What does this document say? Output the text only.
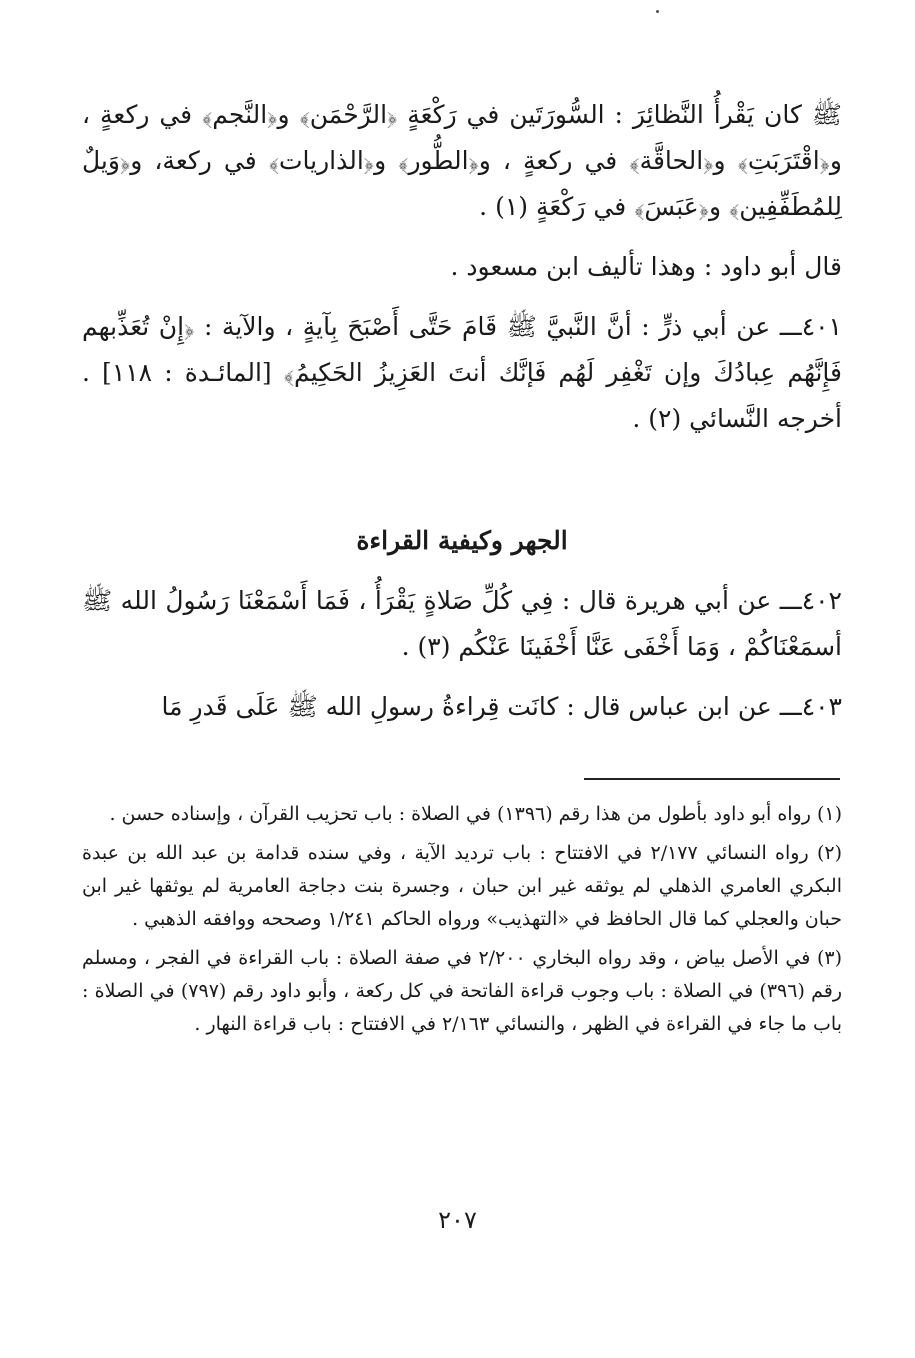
ﷺ كان يَقْرأُ النَّظائِرَ : السُّورَتَين في رَكْعَةٍ ﴿الرَّحْمَن﴾ و﴿النَّجم﴾ في ركعةٍ ، و﴿اقْتَرَبَتِ﴾ و﴿الحاقَّة﴾ في ركعةٍ ، و﴿الطُّور﴾ و﴿الذاريات﴾ في ركعة، و﴿وَيلٌ لِلمُطَفِّفِين﴾ و﴿عَبَسَ﴾ في رَكْعَةٍ (١) .

قال أبو داود : وهذا تأليف ابن مسعود .

٤٠١ـــ عن أبي ذرٍّ : أنَّ النَّبيَّ ﷺ قَامَ حَتَّى أَصْبَحَ بِآيةٍ ، والآية : ﴿إِنْ تُعَذِّبهم فَإِنَّهُم عِبادُكَ وإن تَغْفِر لَهُم فَإنَّك أنتَ العَزِيزُ الحَكِيمُ﴾ [المائـدة : ١١٨] . أخرجه النَّسائي (٢) .

الجهر وكيفية القراءة

٤٠٢ـــ عن أبي هريرة قال : فِي كُلِّ صَلاةٍ يَقْرَأُ ، فَمَا أَسْمَعْنَا رَسُولُ الله ﷺ أسمَعْنَاكُمْ ، وَمَا أَخْفَى عَنَّا أَخْفَينَا عَنْكُم (٣) .

٤٠٣ـــ عن ابن عباس قال : كانَت قِراءةُ رسولِ الله ﷺ عَلَى قَدرِ مَا

(١) رواه أبو داود بأطول من هذا رقم (١٣٩٦) في الصلاة : باب تحزيب القرآن ، وإسناده حسن .

(٢) رواه النسائي ٢/١٧٧ في الافتتاح : باب ترديد الآية ، وفي سنده قدامة بن عبد الله بن عبدة البكري العامري الذهلي لم يوثقه غير ابن حبان ، وجسرة بنت دجاجة العامرية لم يوثقها غير ابن حبان والعجلي كما قال الحافظ في «التهذيب» ورواه الحاكم ١/٢٤١ وصححه ووافقه الذهبي .

(٣) في الأصل بياض ، وقد رواه البخاري ٢/٢٠٠ في صفة الصلاة : باب القراءة في الفجر ، ومسلم رقم (٣٩٦) في الصلاة : باب وجوب قراءة الفاتحة في كل ركعة ، وأبو داود رقم (٧٩٧) في الصلاة : باب ما جاء في القراءة في الظهر ، والنسائي ٢/١٦٣ في الافتتاح : باب قراءة النهار .

٢٠٧
